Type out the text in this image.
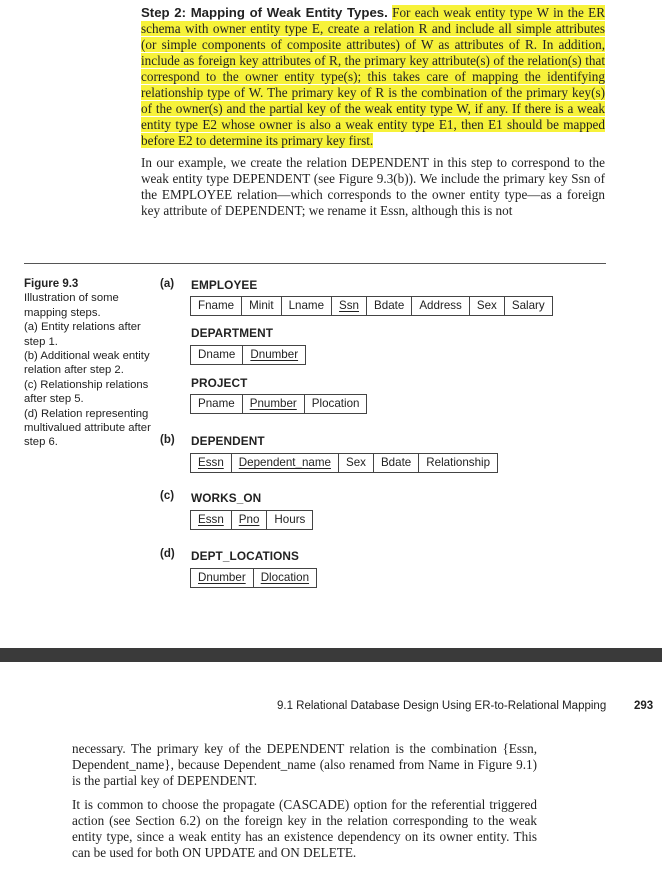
Step 2: Mapping of Weak Entity Types. For each weak entity type W in the ER schema with owner entity type E, create a relation R and include all simple attributes (or simple components of composite attributes) of W as attributes of R. In addition, include as foreign key attributes of R, the primary key attribute(s) of the relation(s) that correspond to the owner entity type(s); this takes care of mapping the identifying relationship type of W. The primary key of R is the combination of the primary key(s) of the owner(s) and the partial key of the weak entity type W, if any. If there is a weak entity type E2 whose owner is also a weak entity type E1, then E1 should be mapped before E2 to determine its primary key first.

In our example, we create the relation DEPENDENT in this step to correspond to the weak entity type DEPENDENT (see Figure 9.3(b)). We include the primary key Ssn of the EMPLOYEE relation—which corresponds to the owner entity type—as a foreign key attribute of DEPENDENT; we rename it Essn, although this is not

Figure 9.3
Illustration of some mapping steps.
(a) Entity relations after step 1.
(b) Additional weak entity relation after step 2.
(c) Relationship relations after step 5.
(d) Relation representing multivalued attribute after step 6.
(a)
(b)
(c)
(d)
EMPLOYEE
Fname	Minit	Lname	Ssn	Bdate	Address	Sex	Salary
DEPARTMENT
Dname	Dnumber
PROJECT
Pname	Pnumber	Plocation
DEPENDENT
Essn	Dependent_name	Sex	Bdate	Relationship
WORKS_ON
Essn	Pno	Hours
DEPT_LOCATIONS
Dnumber	Dlocation
9.1 Relational Database Design Using ER-to-Relational Mapping 293

necessary. The primary key of the DEPENDENT relation is the combination {Essn, Dependent_name}, because Dependent_name (also renamed from Name in Figure 9.1) is the partial key of DEPENDENT.

It is common to choose the propagate (CASCADE) option for the referential triggered action (see Section 6.2) on the foreign key in the relation corresponding to the weak entity type, since a weak entity has an existence dependency on its owner entity. This can be used for both ON UPDATE and ON DELETE.
